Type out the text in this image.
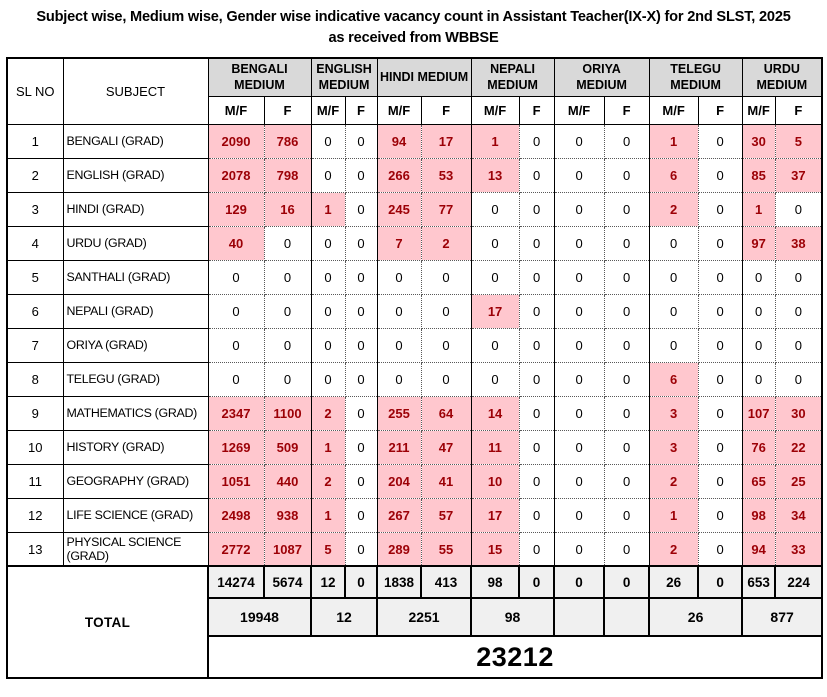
Subject wise, Medium wise, Gender wise indicative vacancy count in Assistant Teacher(IX-X) for 2nd SLST, 2025
as received from WBBSE
SL NO	SUBJECT	BENGALI MEDIUM		ENGLISH MEDIUM		HINDI MEDIUM		NEPALI MEDIUM		ORIYA MEDIUM		TELEGU MEDIUM		URDU MEDIUM	
		M/F	F	M/F	F	M/F	F	M/F	F	M/F	F	M/F	F	M/F	F
1	BENGALI (GRAD)	2090	786	0	0	94	17	1	0	0	0	1	0	30	5
2	ENGLISH (GRAD)	2078	798	0	0	266	53	13	0	0	0	6	0	85	37
3	HINDI (GRAD)	129	16	1	0	245	77	0	0	0	0	2	0	1	0
4	URDU (GRAD)	40	0	0	0	7	2	0	0	0	0	0	0	97	38
5	SANTHALI (GRAD)	0	0	0	0	0	0	0	0	0	0	0	0	0	0
6	NEPALI (GRAD)	0	0	0	0	0	0	17	0	0	0	0	0	0	0
7	ORIYA (GRAD)	0	0	0	0	0	0	0	0	0	0	0	0	0	0
8	TELEGU (GRAD)	0	0	0	0	0	0	0	0	0	0	6	0	0	0
9	MATHEMATICS (GRAD)	2347	1100	2	0	255	64	14	0	0	0	3	0	107	30
10	HISTORY (GRAD)	1269	509	1	0	211	47	11	0	0	0	3	0	76	22
11	GEOGRAPHY (GRAD)	1051	440	2	0	204	41	10	0	0	0	2	0	65	25
12	LIFE SCIENCE (GRAD)	2498	938	1	0	267	57	17	0	0	0	1	0	98	34
13	PHYSICAL SCIENCE (GRAD)	2772	1087	5	0	289	55	15	0	0	0	2	0	94	33
TOTAL		14274	5674	12	0	1838	413	98	0	0	0	26	0	653	224
		19948		12		2251		98				26		877	
		23212													
